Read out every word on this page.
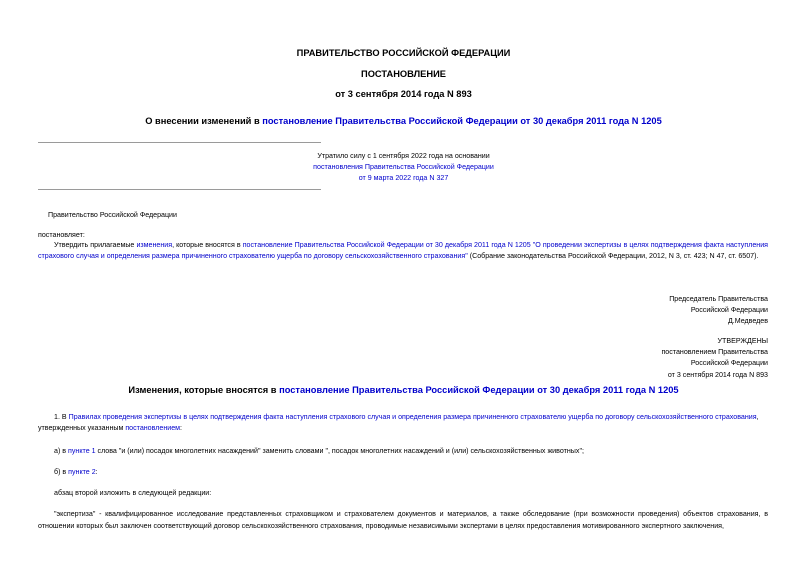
ПРАВИТЕЛЬСТВО РОССИЙСКОЙ ФЕДЕРАЦИИ
ПОСТАНОВЛЕНИЕ
от 3 сентября 2014 года N 893
О внесении изменений в постановление Правительства Российской Федерации от 30 декабря 2011 года N 1205
Утратило силу с 1 сентября 2022 года на основании
постановления Правительства Российской Федерации
от 9 марта 2022 года N 327
Правительство Российской Федерации
постановляет:
Утвердить прилагаемые изменения, которые вносятся в постановление Правительства Российской Федерации от 30 декабря 2011 года N 1205 "О проведении экспертизы в целях подтверждения факта наступления страхового случая и определения размера причиненного страхователю ущерба по договору сельскохозяйственного страхования" (Собрание законодательства Российской Федерации, 2012, N 3, ст. 423; N 47, ст. 6507).
Председатель Правительства
Российской Федерации
Д.Медведев
УТВЕРЖДЕНЫ
постановлением Правительства
Российской Федерации
от 3 сентября 2014 года N 893
Изменения, которые вносятся в постановление Правительства Российской Федерации от 30 декабря 2011 года N 1205
1. В Правилах проведения экспертизы в целях подтверждения факта наступления страхового случая и определения размера причиненного страхователю ущерба по договору сельскохозяйственного страхования, утвержденных указанным постановлением:
а) в пункте 1 слова "и (или) посадок многолетних насаждений" заменить словами ", посадок многолетних насаждений и (или) сельскохозяйственных животных";
б) в пункте 2:
абзац второй изложить в следующей редакции:
"экспертиза" - квалифицированное исследование представленных страховщиком и страхователем документов и материалов, а также обследование (при возможности проведения) объектов страхования, в отношении которых был заключен соответствующий договор сельскохозяйственного страхования, проводимые независимыми экспертами в целях предоставления мотивированного экспертного заключения,
